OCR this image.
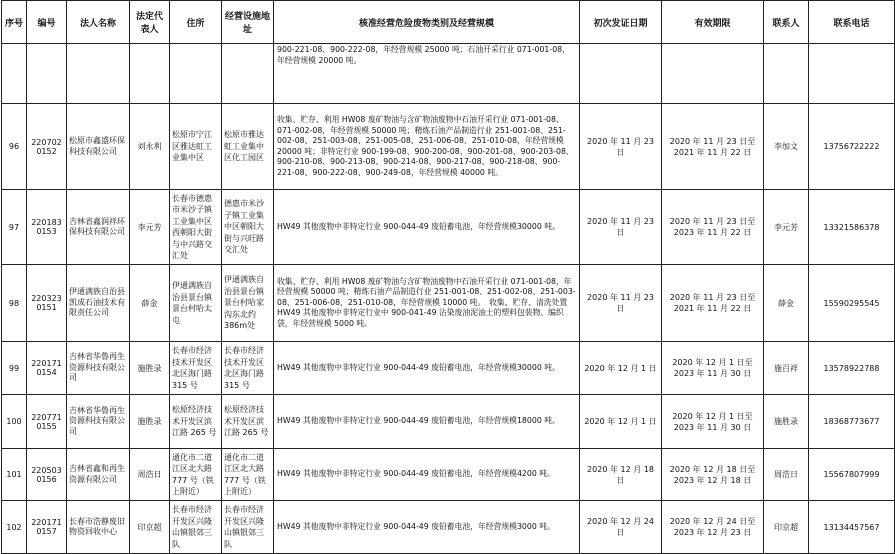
序号	编号	法人名称	法定代表人	住所	经营设施地址	核准经营危险废物类别及经营规模	初次发证日期	有效期限	联系人	联系电话
						900-221-08、900-222-08，年经营规模 25000 吨；石油开采行业 071-001-08，年经营规模 20000 吨。				
96	220702 0152	松原市鑫盛环保科技有限公司	刘永利	松原市宁江区雅达虹工业集中区	松原市雅达虹工业集中区化工园区	收集、贮存、利用 HW08 废矿物油与含矿物油废物中石油开采行业 071-001-08、071-002-08，年经营规模 50000 吨；精炼石油产品制造行业 251-001-08、251-002-08、251-003-08、251-005-08、251-006-08、251-010-08，年经营规模 20000 吨；非特定行业 900-199-08、900-200-08、900-201-08、900-203-08、900-210-08、900-213-08、900-214-08、900-217-08、900-218-08、900-221-08、900-222-08、900-249-08，年经营规模 40000 吨。	2020 年 11 月 23 日	2020 年 11 月 23 日至 2021 年 11 月 22 日	李加文	13756722222
97	220183 0153	吉林省鑫润祥环保科技有限公司	李元芳	长春市德惠市米沙子镇工业集中区西朝阳大街与中兴路交汇处	德惠市米沙子镇工业集中区朝阳大街与兴旺路交汇处	HW49 其他废物中非特定行业 900-044-49 废铅蓄电池，年经营规模30000 吨。	2020 年 11 月 23 日	2020 年 11 月 23 日至 2023 年 11 月 22 日	李元芳	13321586378
98	220323 0151	伊通满族自治县凯成石油技术有限责任公司	薛金	伊通满族自治县景台镇景台村哈太屯	伊通满族自治县景台镇景台村哈家沟东北约386m处	收集、贮存、利用 HW08 废矿物油与含矿物油废物中石油开采行业 071-001-08，年经营规模 50000 吨；精炼石油产品制造行业 251-001-08、251-002-08、251-003-08、251-006-08、251-010-08，年经营规模 10000 吨。　收集、贮存、清洗处置 HW49 其他废物中非特定行业中 900-041-49 沾染废油泥油土的塑料包装物、编织袋，年经营规模 5000 吨。	2020 年 11 月 23 日	2020 年 11 月 23 日至 2021 年 11 月 22 日	薛金	15590295545
99	220171 0154	吉林省华鲁再生资源科技有限公司	施胜录	长春市经济技术开发区北区海门路 315 号	长春市经济技术开发区北区海门路 315 号	HW49 其他废物中非特定行业 900-044-49 废铅蓄电池，年经营规模30000 吨。	2020 年 12 月 1 日	2020 年 12 月 1 日至 2023 年 11 月 30 日	施百祥	13578922788
100	220771 0155	吉林省华鲁再生资源科技有限公司	施胜录	松原经济技术开发区滨江路 265 号	松原经济技术开发区滨江路 265 号	HW49 其他废物中非特定行业 900-044-49 废铅蓄电池，年经营规模18000 吨。	2020 年 12 月 1 日	2020 年 12 月 1 日至 2023 年 11 月 30 日	施胜录	18368773677
101	220503 0156	吉林省鑫和再生资源有限公司	周浩日	通化市二道江区北大路 777 号（铁上附近）	通化市二道江区北大路 777 号（铁上附近）	HW49 其他废物中非特定行业 900-044-49 废铅蓄电池，年经营规模4200 吨。	2020 年 12 月 18 日	2020 年 12 月 18 日至 2023 年 12 月 18 日	周浩日	15567807999
102	220171 0157	长春市浩静废旧物资回收中心	印京超	长春市经济开发区兴隆山镇银郊三队	长春市经济开发区兴隆山镇银郊三队	HW49 其他废物中非特定行业 900-044-49 废铅蓄电池，年经营规模3000 吨。	2020 年 12 月 24 日	2020 年 12 月 24 日至 2023 年 12 月 23 日	印京超	13134457567
